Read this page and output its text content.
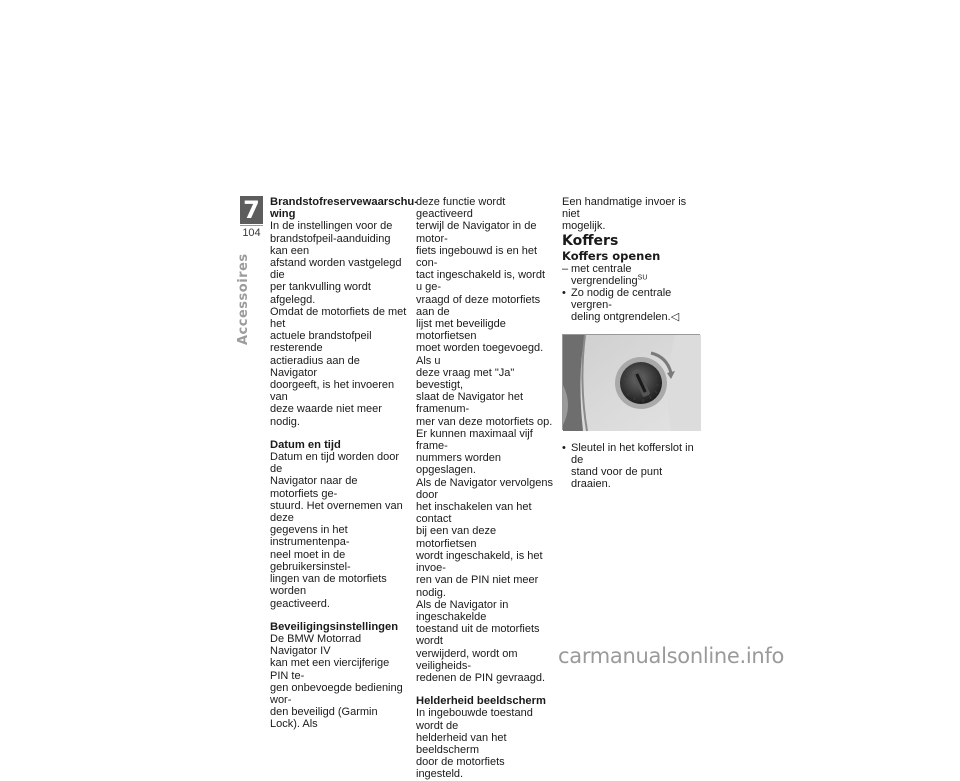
7
104
Accessoires

Brandstofreservewaarschu-
wing

In de instellingen voor de
brandstofpeil-aanduiding kan een
afstand worden vastgelegd die
per tankvulling wordt afgelegd.
Omdat de motorfiets de met het
actuele brandstofpeil resterende
actieradius aan de Navigator
doorgeeft, is het invoeren van
deze waarde niet meer nodig.

Datum en tijd

Datum en tijd worden door de
Navigator naar de motorfiets ge-
stuurd. Het overnemen van deze
gegevens in het instrumentenpa-
neel moet in de gebruikersinstel-
lingen van de motorfiets worden
geactiveerd.

Beveiligingsinstellingen

De BMW Motorrad Navigator IV
kan met een viercijferige PIN te-
gen onbevoegde bediening wor-
den beveiligd (Garmin Lock). Als

deze functie wordt geactiveerd
terwijl de Navigator in de motor-
fiets ingebouwd is en het con-
tact ingeschakeld is, wordt u ge-
vraagd of deze motorfiets aan de
lijst met beveiligde motorfietsen
moet worden toegevoegd. Als u
deze vraag met "Ja" bevestigt,
slaat de Navigator het framenum-
mer van deze motorfiets op.
Er kunnen maximaal vijf frame-
nummers worden opgeslagen.
Als de Navigator vervolgens door
het inschakelen van het contact
bij een van deze motorfietsen
wordt ingeschakeld, is het invoe-
ren van de PIN niet meer nodig.
Als de Navigator in ingeschakelde
toestand uit de motorfiets wordt
verwijderd, wordt om veiligheids-
redenen de PIN gevraagd.

Helderheid beeldscherm

In ingebouwde toestand wordt de
helderheid van het beeldscherm
door de motorfiets ingesteld.

Een handmatige invoer is niet
mogelijk.

Koffers

Koffers openen

– met centrale vergrendeling$^{SU}$

• Zo nodig de centrale vergren-
deling ontgrendelen.◁

• Sleutel in het kofferslot in de
stand voor de punt draaien.

carmanualsonline.info
